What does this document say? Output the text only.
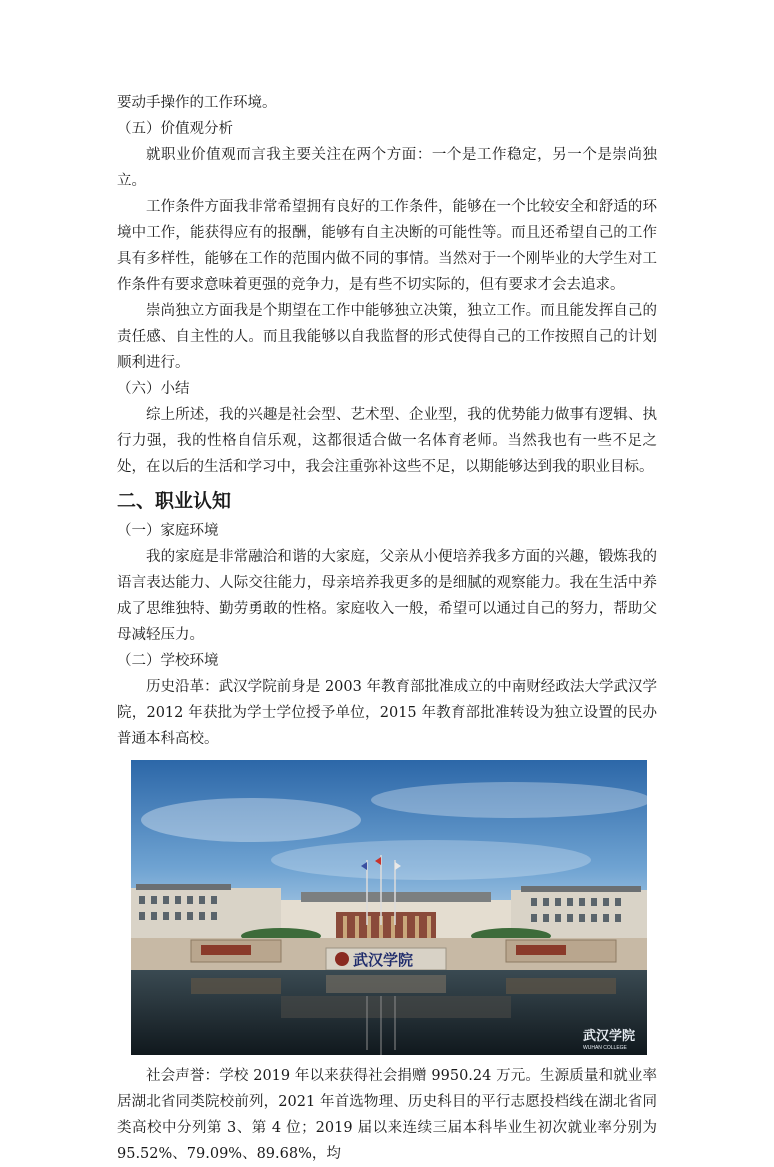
要动手操作的工作环境。

（五）价值观分析

就职业价值观而言我主要关注在两个方面：一个是工作稳定，另一个是崇尚独立。

工作条件方面我非常希望拥有良好的工作条件，能够在一个比较安全和舒适的环境中工作，能获得应有的报酬，能够有自主决断的可能性等。而且还希望自己的工作具有多样性，能够在工作的范围内做不同的事情。当然对于一个刚毕业的大学生对工作条件有要求意味着更强的竞争力，是有些不切实际的，但有要求才会去追求。

崇尚独立方面我是个期望在工作中能够独立决策，独立工作。而且能发挥自己的责任感、自主性的人。而且我能够以自我监督的形式使得自己的工作按照自己的计划顺利进行。

（六）小结

综上所述，我的兴趣是社会型、艺术型、企业型，我的优势能力做事有逻辑、执行力强，我的性格自信乐观，这都很适合做一名体育老师。当然我也有一些不足之处，在以后的生活和学习中，我会注重弥补这些不足，以期能够达到我的职业目标。

二、职业认知

（一）家庭环境

我的家庭是非常融洽和谐的大家庭，父亲从小便培养我多方面的兴趣，锻炼我的语言表达能力、人际交往能力，母亲培养我更多的是细腻的观察能力。我在生活中养成了思维独特、勤劳勇敢的性格。家庭收入一般，希望可以通过自己的努力，帮助父母减轻压力。

（二）学校环境

历史沿革：武汉学院前身是 2003 年教育部批准成立的中南财经政法大学武汉学院，2012 年获批为学士学位授予单位，2015 年教育部批准转设为独立设置的民办普通本科高校。

武汉学院
武汉学院
WUHAN COLLEGE

社会声誉：学校 2019 年以来获得社会捐赠 9950.24 万元。生源质量和就业率居湖北省同类院校前列，2021 年首选物理、历史科目的平行志愿投档线在湖北省同类高校中分列第 3、第 4 位；2019 届以来连续三届本科毕业生初次就业率分别为 95.52%、79.09%、89.68%，均
